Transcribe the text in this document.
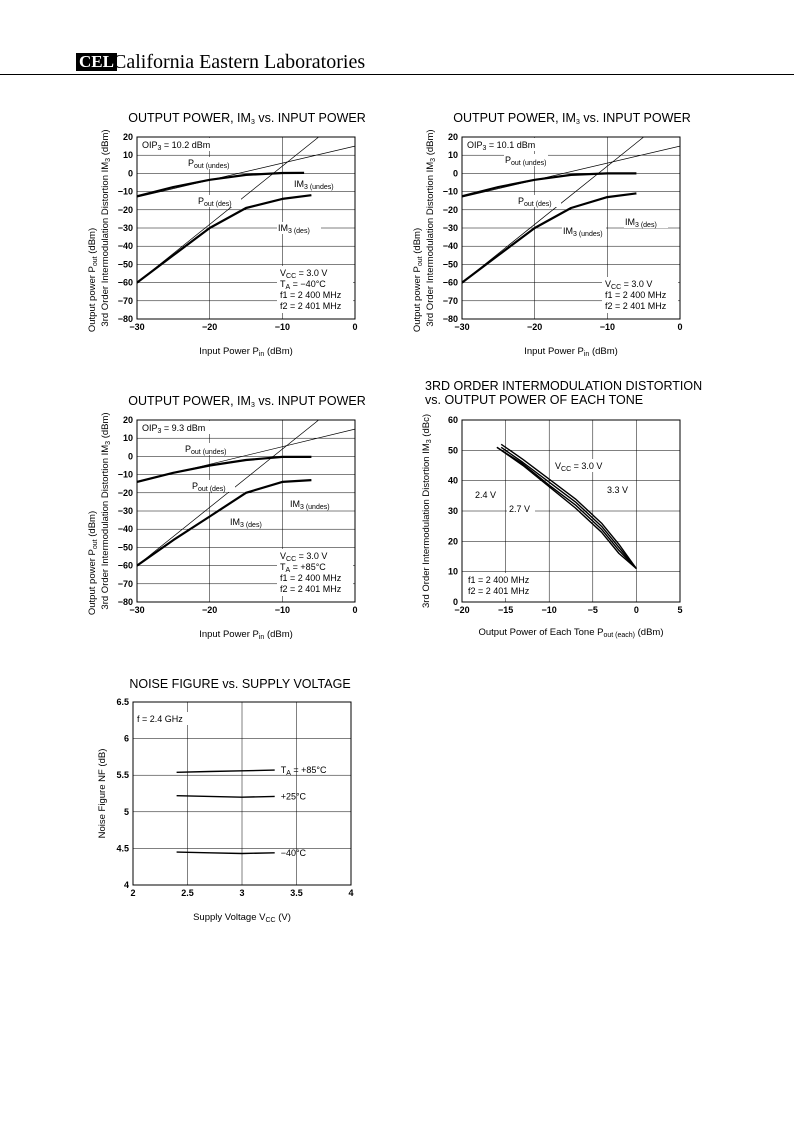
CEL California Eastern Laboratories
OUTPUT POWER, IM3 vs. INPUT POWER
−30	−20	−10	0
20
10
0
−10
−20
−30
−40
−50
−60
−70
−80
Input Power $P_{in}$ (dBm)
Output power $P_{out}$ (dBm) 3rd Order Intermodulation Distortion $IM_3$ (dBm)	$OIP_3 = 10.2$ dBm
$P_{out (undes)}$
$IM_{3 (undes)}$
$P_{out (des)}$
$IM_{3 (des)}$
$V_{CC} = 3.0$ V
$T_A = -40^\circ C$
f1 = 2 400 MHz
f2 = 2 401 MHz
OUTPUT POWER, IM3 vs. INPUT POWER
−30	−20	−10	0
20
10
0
−10
−20
−30
−40
−50
−60
−70
−80
Input Power $P_{in}$ (dBm)
Output power $P_{out}$ (dBm) 3rd Order Intermodulation Distortion $IM_3$ (dBm)	$OIP_3 = 10.1$ dBm
$P_{out (undes)}$
$IM_{3 (undes)}$
$P_{out (des)}$
$IM_{3 (des)}$
$V_{CC} = 3.0$ V
f1 = 2 400 MHz
f2 = 2 401 MHz
OUTPUT POWER, IM3 vs. INPUT POWER
−30	−20	−10	0
20
10
0
−10
−20
−30
−40
−50
−60
−70
−80
Input Power $P_{in}$ (dBm)
Output power $P_{out}$ (dBm) 3rd Order Intermodulation Distortion $IM_3$ (dBm)	$OIP_3 = 9.3$ dBm
$P_{out (undes)}$
$IM_{3 (undes)}$
$P_{out (des)}$
$IM_{3 (des)}$
$V_{CC} = 3.0$ V
$T_A = +85^\circ C$
f1 = 2 400 MHz
f2 = 2 401 MHz
3RD ORDER INTERMODULATION DISTORTION
vs. OUTPUT POWER OF EACH TONE
−20	−15	−10	−5	0	5
60
50
40
30
20
10
0
Output Power of Each Tone $P_{out (each)}$ (dBm)
3rd Order Intermodulation Distortion $IM_3$ (dBc)
f1 = 2 400 MHz
f2 = 2 401 MHz
$V_{CC} = 3.0$ V
2.4 V
2.7 V
3.3 V
NOISE FIGURE vs. SUPPLY VOLTAGE
2	2.5	3	3.5	4
6.5
6
5.5
5
4.5
4
Supply Voltage $V_{CC}$ (V)
Noise Figure NF (dB)
f = 2.4 GHz
$T_A = +85^\circ C$
+25°C
−40°C
